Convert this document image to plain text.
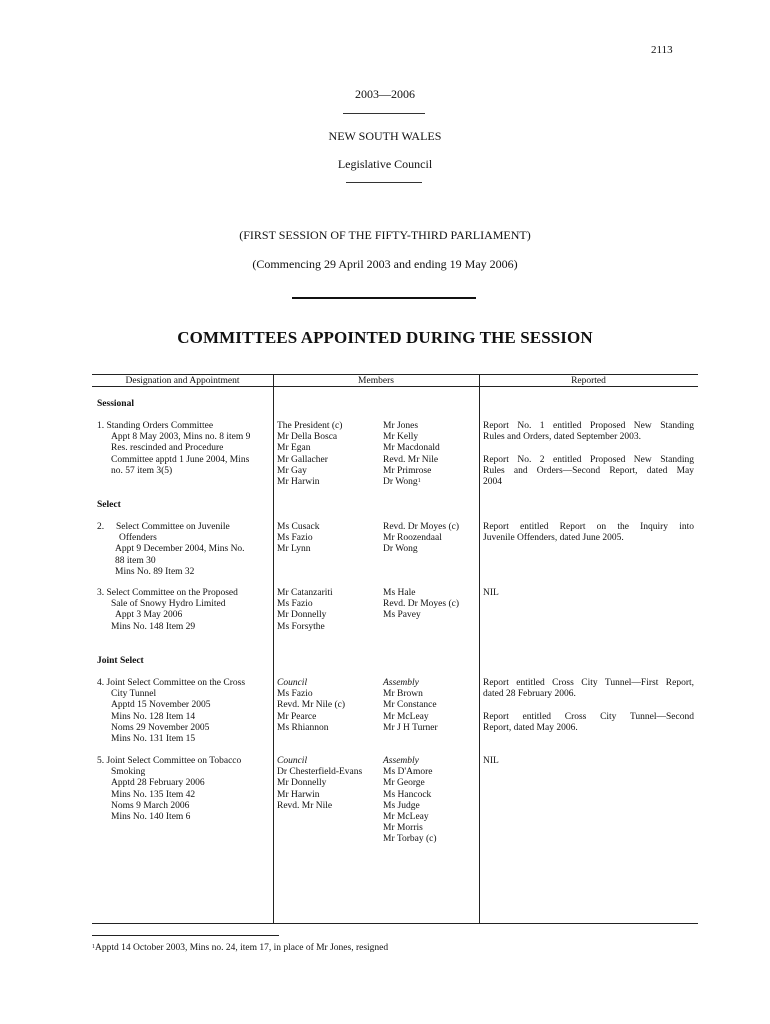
2113
2003—2006
NEW SOUTH WALES
Legislative Council
(FIRST SESSION OF THE FIFTY-THIRD PARLIAMENT)
(Commencing 29 April 2003 and ending 19 May 2006)
COMMITTEES APPOINTED DURING THE SESSION
Designation and Appointment	Members	Reported
Sessional
1. Standing Orders Committee
Appt 8 May 2003, Mins no. 8 item 9
Res. rescinded and Procedure
Committee apptd 1 June 2004, Mins
no. 57 item 3(5)
The President (c)
Mr Della Bosca
Mr Egan
Mr Gallacher
Mr Gay
Mr Harwin
Mr Jones
Mr Kelly
Mr Macdonald
Revd. Mr Nile
Mr Primrose
Dr Wong$^1$
Report No. 1 entitled Proposed New Standing
Rules and Orders, dated September 2003.
Report No. 2 entitled Proposed New Standing
Rules and Orders—Second Report, dated May
2004
Select
2.     Select Committee on Juvenile
Offenders
Appt 9 December 2004, Mins No.
88 item 30
Mins No. 89 Item 32
Ms Cusack
Ms Fazio
Mr Lynn
Revd. Dr Moyes (c)
Mr Roozendaal
Dr Wong
Report entitled Report on the Inquiry into
Juvenile Offenders, dated June 2005.
3. Select Committee on the Proposed
Sale of Snowy Hydro Limited
Appt 3 May 2006
Mins No. 148 Item 29
Mr Catanzariti
Ms Fazio
Mr Donnelly
Ms Forsythe
Ms Hale
Revd. Dr Moyes (c)
Ms Pavey
NIL
Joint Select
4. Joint Select Committee on the Cross
City Tunnel
Apptd 15 November 2005
Mins No. 128 Item 14
Noms 29 November 2005
Mins No. 131 Item 15
Council
Ms Fazio
Revd. Mr Nile (c)
Mr Pearce
Ms Rhiannon
Assembly
Mr Brown
Mr Constance
Mr McLeay
Mr J H Turner
Report entitled Cross City Tunnel—First Report,
dated 28 February 2006.
Report entitled Cross City Tunnel—Second
Report, dated May 2006.
5. Joint Select Committee on Tobacco
Smoking
Apptd 28 February 2006
Mins No. 135 Item 42
Noms 9 March 2006
Mins No. 140 Item 6
Council
Dr Chesterfield-Evans
Mr Donnelly
Mr Harwin
Revd. Mr Nile
Assembly
Ms D'Amore
Mr George
Ms Hancock
Ms Judge
Mr McLeay
Mr Morris
Mr Torbay (c)
NIL
$^1$Apptd 14 October 2003, Mins no. 24, item 17, in place of Mr Jones, resigned
